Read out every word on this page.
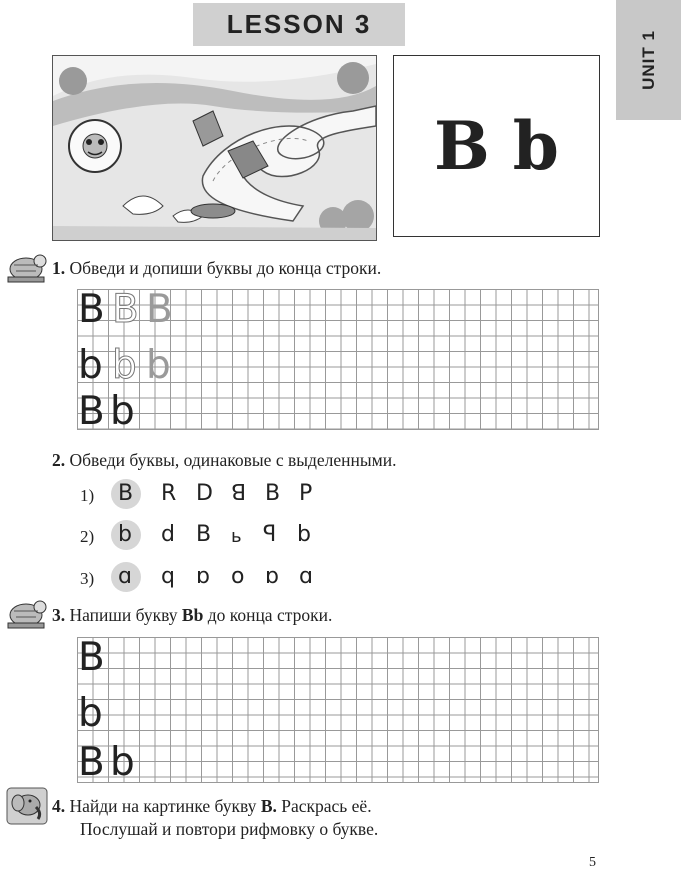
LESSON 3
UNIT 1
B b
1. Обведи и допиши буквы до конца строки.
B B B
b b b
B b
2. Обведи буквы, одинаковые с выделенными.
1) B R D ꓭ B P
2) b d B ь ꟼ b
3) ɑ q ɒ o ɒ ɑ
3. Напиши букву Bb до конца строки.
B
b
B b
4. Найди на картинке букву B. Раскрась её.
Послушай и повтори рифмовку о букве.
5
